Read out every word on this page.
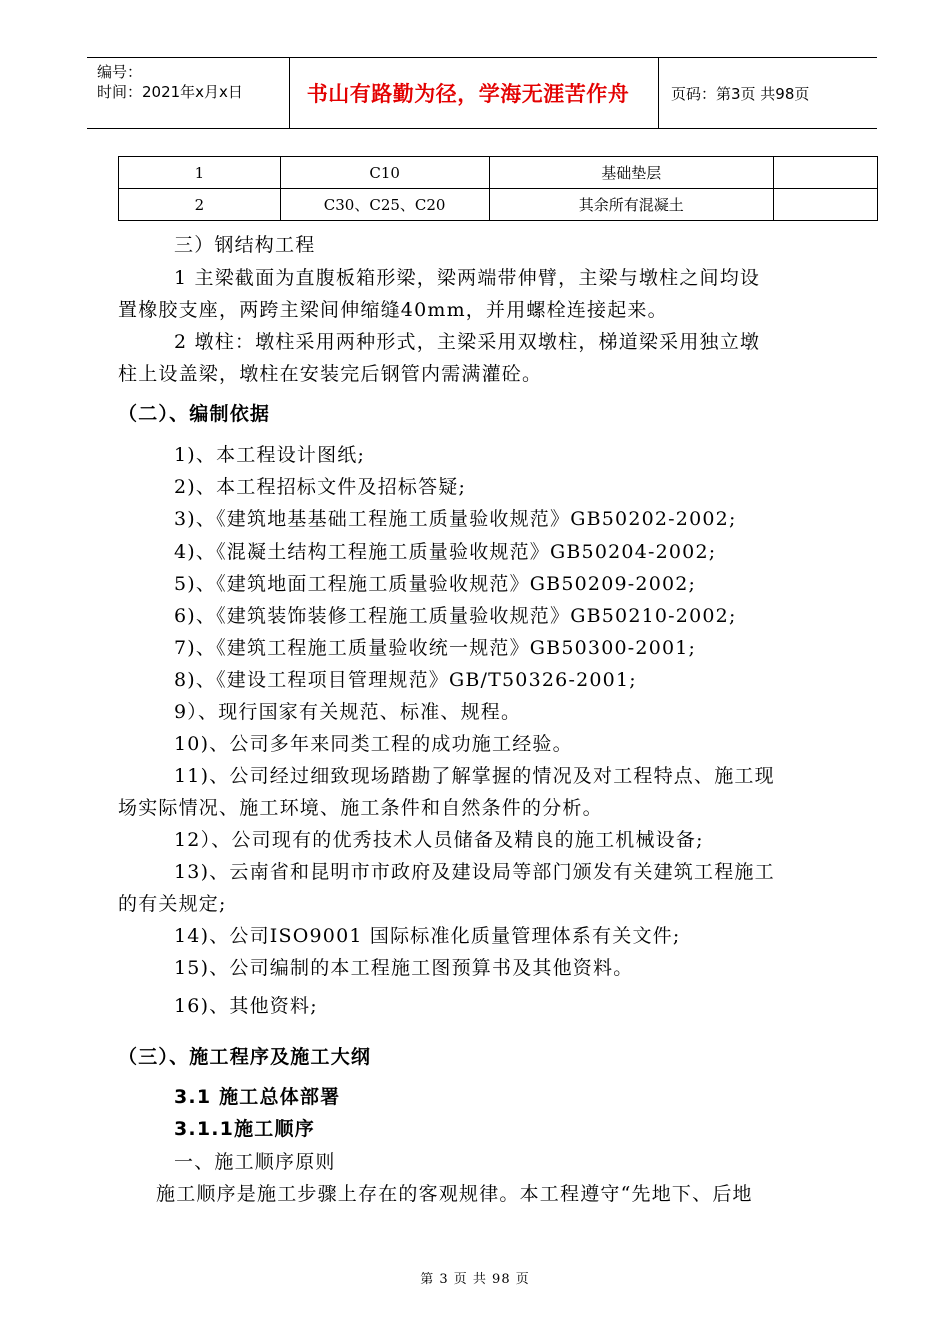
编号：
时间：2021年x月x日	书山有路勤为径，学海无涯苦作舟	页码：第3页 共98页
1	C10	基础垫层	
2	C30、C25、C20	其余所有混凝土	
三）钢结构工程
1 主梁截面为直腹板箱形梁，梁两端带伸臂，主梁与墩柱之间均设
置橡胶支座，两跨主梁间伸缩缝40mm，并用螺栓连接起来。
2 墩柱：墩柱采用两种形式，主梁采用双墩柱，梯道梁采用独立墩
柱上设盖梁，墩柱在安装完后钢管内需满灌砼。
（二）、编制依据
1)、本工程设计图纸;
2)、本工程招标文件及招标答疑;
3)、《建筑地基基础工程施工质量验收规范》GB50202-2002;
4)、《混凝土结构工程施工质量验收规范》GB50204-2002;
5)、《建筑地面工程施工质量验收规范》GB50209-2002;
6)、《建筑装饰装修工程施工质量验收规范》GB50210-2002;
7)、《建筑工程施工质量验收统一规范》GB50300-2001;
8)、《建设工程项目管理规范》GB/T50326-2001;
9）、现行国家有关规范、标准、规程。
10)、公司多年来同类工程的成功施工经验。
11)、公司经过细致现场踏勘了解掌握的情况及对工程特点、施工现
场实际情况、施工环境、施工条件和自然条件的分析。
12）、公司现有的优秀技术人员储备及精良的施工机械设备;
13)、云南省和昆明市市政府及建设局等部门颁发有关建筑工程施工
的有关规定;
14)、公司ISO9001 国际标准化质量管理体系有关文件;
15)、公司编制的本工程施工图预算书及其他资料。
16)、其他资料;
（三）、施工程序及施工大纲
3.1 施工总体部署
3.1.1施工顺序
一、施工顺序原则
施工顺序是施工步骤上存在的客观规律。本工程遵守“先地下、后地
第 3 页 共 98 页
